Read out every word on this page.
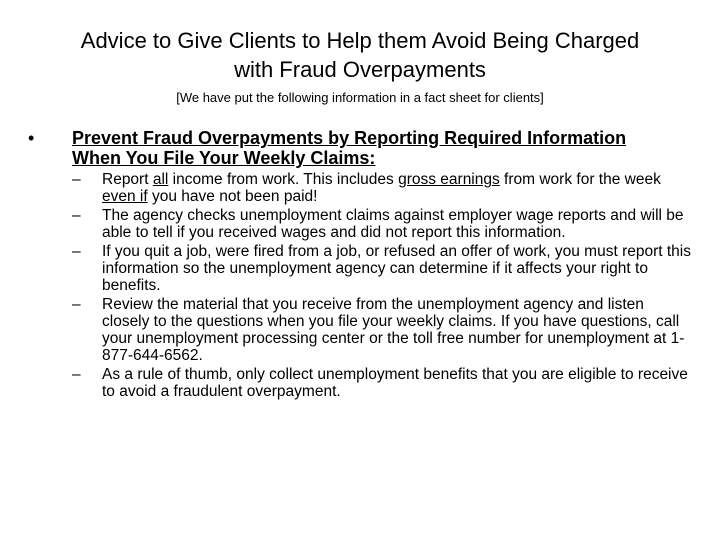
Advice to Give Clients to Help them Avoid Being Charged
with Fraud Overpayments
[We have put the following information in a fact sheet for clients]
• Prevent Fraud Overpayments by Reporting Required Information When You File Your Weekly Claims:
– Report all income from work. This includes gross earnings from work for the week even if you have not been paid!
– The agency checks unemployment claims against employer wage reports and will be able to tell if you received wages and did not report this information.
– If you quit a job, were fired from a job, or refused an offer of work, you must report this information so the unemployment agency can determine if it affects your right to benefits.
– Review the material that you receive from the unemployment agency and listen closely to the questions when you file your weekly claims. If you have questions, call your unemployment processing center or the toll free number for unemployment at 1- 877-644-6562.
– As a rule of thumb, only collect unemployment benefits that you are eligible to receive to avoid a fraudulent overpayment.
